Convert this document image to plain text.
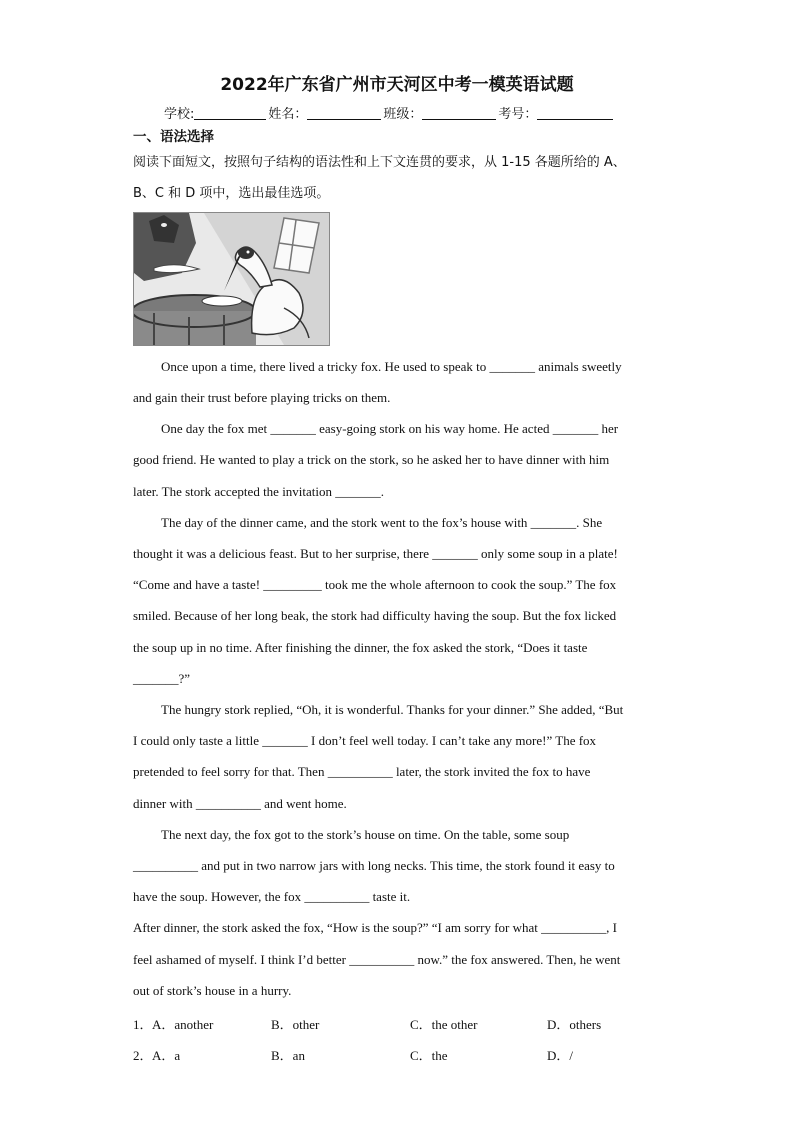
2022年广东省广州市天河区中考一模英语试题
学校:	姓名：	班级：	考号：
一、语法选择
阅读下面短文，按照句子结构的语法性和上下文连贯的要求，从 1-15 各题所给的 A、
B、C 和 D 项中，选出最佳选项。
Once upon a time, there lived a tricky fox. He used to speak to _______ animals sweetly
and gain their trust before playing tricks on them.
One day the fox met _______ easy-going stork on his way home. He acted _______ her
good friend. He wanted to play a trick on the stork, so he asked her to have dinner with him
later. The stork accepted the invitation _______.
The day of the dinner came, and the stork went to the fox’s house with _______. She
thought it was a delicious feast. But to her surprise, there _______ only some soup in a plate!
“Come and have a taste! _________ took me the whole afternoon to cook the soup.” The fox
smiled. Because of her long beak, the stork had difficulty having the soup. But the fox licked
the soup up in no time. After finishing the dinner, the fox asked the stork, “Does it taste
_______?”
The hungry stork replied, “Oh, it is wonderful. Thanks for your dinner.” She added, “But
I could only taste a little _______ I don’t feel well today. I can’t take any more!” The fox
pretended to feel sorry for that. Then __________ later, the stork invited the fox to have
dinner with __________ and went home.
The next day, the fox got to the stork’s house on time. On the table, some soup
__________ and put in two narrow jars with long necks. This time, the stork found it easy to
have the soup. However, the fox __________ taste it.
After dinner, the stork asked the fox, “How is the soup?” “I am sorry for what __________, I
feel ashamed of myself. I think I’d better __________ now.” the fox answered. Then, he went
out of stork’s house in a hurry.
1． A．another	B．other	C．the other	D．others
2． A．a	B．an	C．the	D．/
